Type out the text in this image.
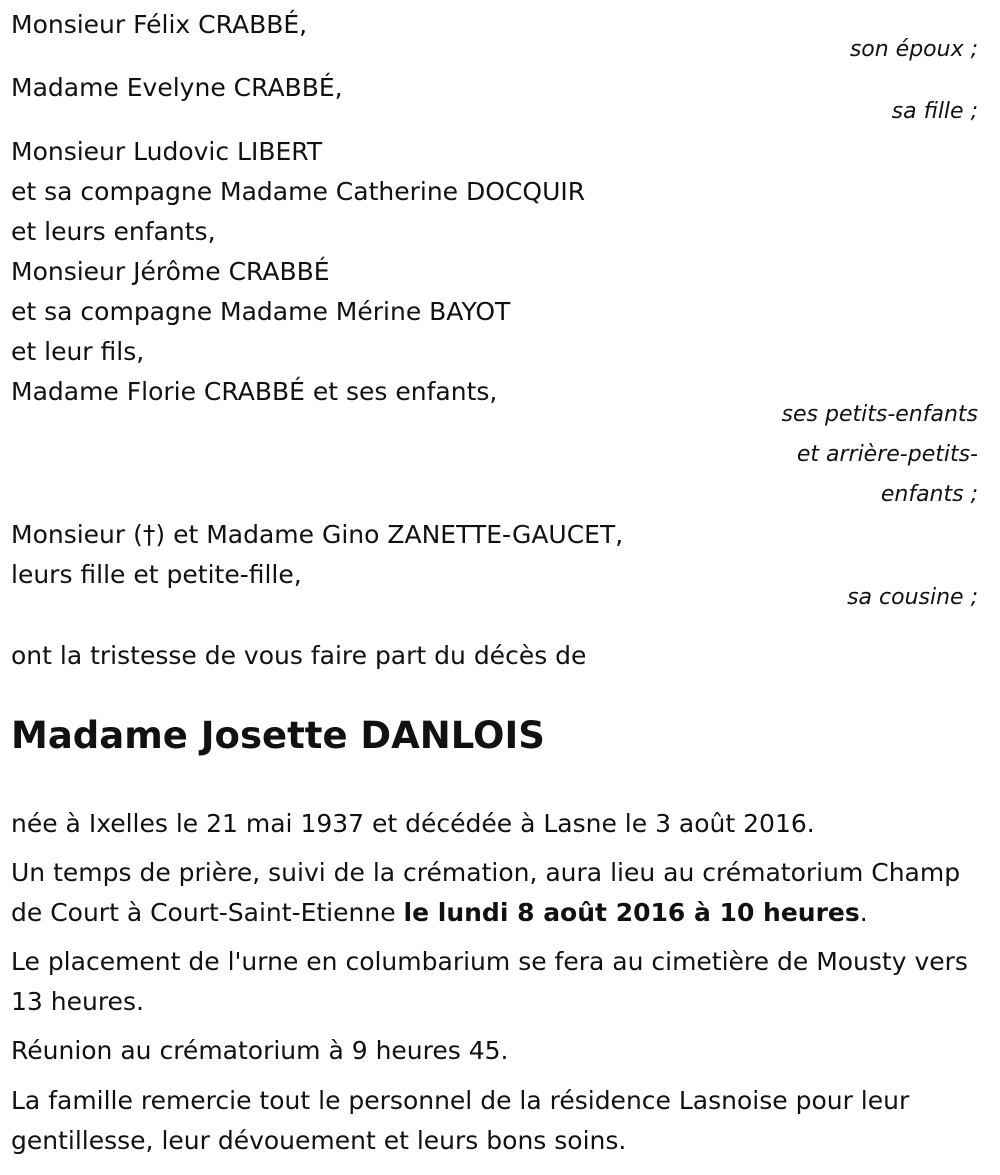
Monsieur Félix CRABBÉ,
son époux ;
Madame Evelyne CRABBÉ,
sa fille ;
Monsieur Ludovic LIBERT
et sa compagne Madame Catherine DOCQUIR
et leurs enfants,
Monsieur Jérôme CRABBÉ
et sa compagne Madame Mérine BAYOT
et leur fils,
Madame Florie CRABBÉ et ses enfants,
ses petits-enfants
et arrière-petits-
enfants ;
Monsieur (†) et Madame Gino ZANETTE-GAUCET,
leurs fille et petite-fille,
sa cousine ;
ont la tristesse de vous faire part du décès de
Madame Josette DANLOIS
née à Ixelles le 21 mai 1937 et décédée à Lasne le 3 août 2016.
Un temps de prière, suivi de la crémation, aura lieu au crématorium Champ de Court à Court-Saint-Etienne le lundi 8 août 2016 à 10 heures.
Le placement de l'urne en columbarium se fera au cimetière de Mousty vers 13 heures.
Réunion au crématorium à 9 heures 45.
La famille remercie tout le personnel de la résidence Lasnoise pour leur gentillesse, leur dévouement et leurs bons soins.
